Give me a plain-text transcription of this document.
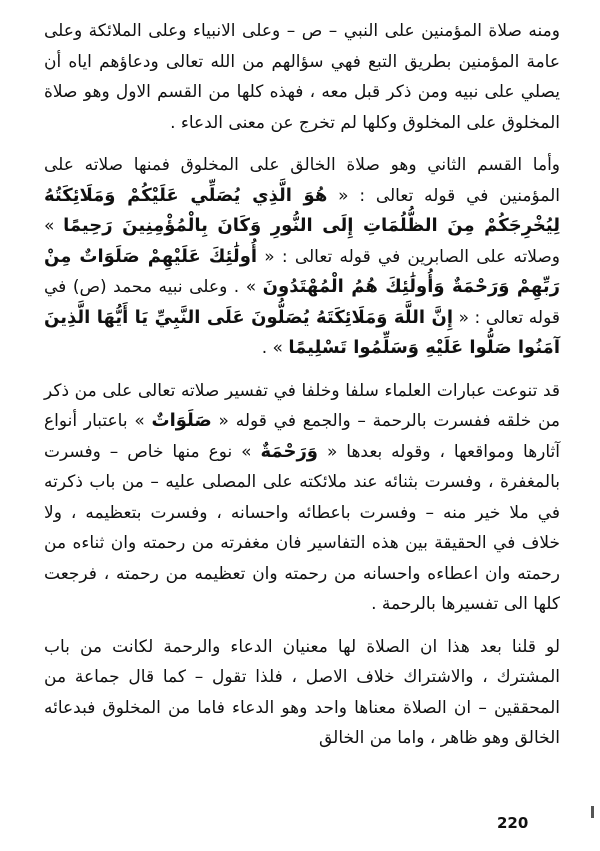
ومنه صلاة المؤمنين على النبي – ص – وعلى الانبياء وعلى الملائكة وعلى عامة المؤمنين بطريق التبع فهي سؤالهم من الله تعالى ودعاؤهم اياه أن يصلي على نبيه ومن ذكر قبل معه ، فهذه كلها من القسم الاول وهو صلاة المخلوق على المخلوق وكلها لم تخرج عن معنى الدعاء .

وأما القسم الثاني وهو صلاة الخالق على المخلوق فمنها صلاته على المؤمنين في قوله تعالى : « هُوَ الَّذِي يُصَلِّي عَلَيْكُمْ وَمَلَائِكَتُهُ لِيُخْرِجَكُمْ مِنَ الظُّلُمَاتِ إِلَى النُّورِ وَكَانَ بِالْمُؤْمِنِينَ رَحِيمًا » وصلاته على الصابرين في قوله تعالى : « أُولَٰئِكَ عَلَيْهِمْ صَلَوَاتٌ مِنْ رَبِّهِمْ وَرَحْمَةٌ وَأُولَٰئِكَ هُمُ الْمُهْتَدُونَ » . وعلى نبيه محمد (ص) في قوله تعالى : « إِنَّ اللَّهَ وَمَلَائِكَتَهُ يُصَلُّونَ عَلَى النَّبِيِّ يَا أَيُّهَا الَّذِينَ آمَنُوا صَلُّوا عَلَيْهِ وَسَلِّمُوا تَسْلِيمًا » .

قد تنوعت عبارات العلماء سلفا وخلفا في تفسير صلاته تعالى على من ذكر من خلقه ففسرت بالرحمة – والجمع في قوله « صَلَوَاتٌ » باعتبار أنواع آثارها ومواقعها ، وقوله بعدها « وَرَحْمَةٌ » نوع منها خاص – وفسرت بالمغفرة ، وفسرت بثنائه عند ملائكته على المصلى عليه – من باب ذكرته في ملا خير منه – وفسرت باعطائه واحسانه ، وفسرت بتعظيمه ، ولا خلاف في الحقيقة بين هذه التفاسير فان مغفرته من رحمته وان ثناءه من رحمته وان اعطاءه واحسانه من رحمته وان تعظيمه من رحمته ، فرجعت كلها الى تفسيرها بالرحمة .

لو قلنا بعد هذا ان الصلاة لها معنيان الدعاء والرحمة لكانت من باب المشترك ، والاشتراك خلاف الاصل ، فلذا تقول – كما قال جماعة من المحققين – ان الصلاة معناها واحد وهو الدعاء فاما من المخلوق فبدعائه الخالق وهو ظاهر ، واما من الخالق

220
